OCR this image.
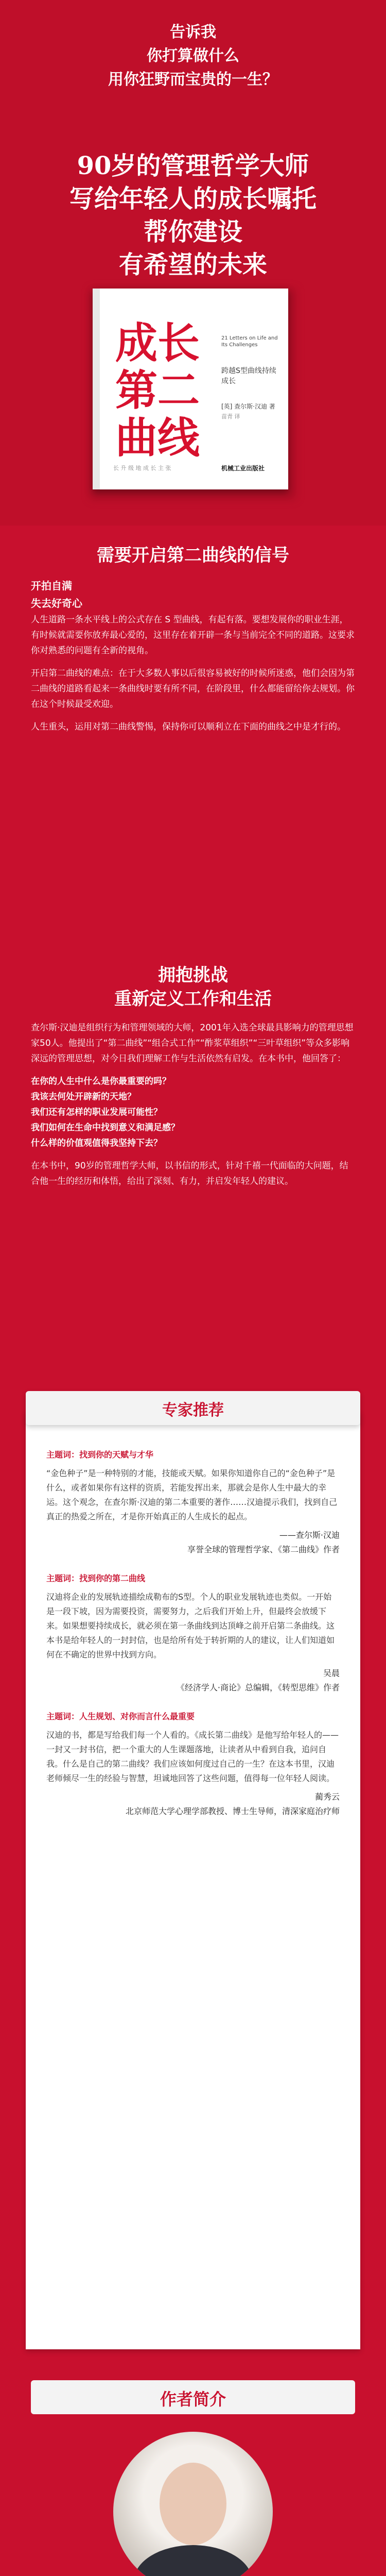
告诉我
你打算做什么
用你狂野而宝贵的一生？
90岁的管理哲学大师
写给年轻人的成长嘱托
帮你建设
有希望的未来
成长
第二
曲线
21 Letters on Life and Its Challenges
跨越S型曲线持续成长
[英] 查尔斯·汉迪 著
苗青 译
长 升 级 地 成 长 主 张	机械工业出版社
需要开启第二曲线的信号
开拍自满
失去好奇心

人生道路一条水平线上的公式存在 S 型曲线，有起有落。要想发展你的职业生涯，有时候就需要你放弃最心爱的，这里存在着开辟一条与当前完全不同的道路。这要求你对熟悉的问题有全新的视角。

开启第二曲线的难点：在于大多数人事以后很容易被好的时候所迷惑，他们会因为第二曲线的道路看起来一条曲线时要有所不同，在阶段里，什么都能留给你去规划。你在这个时候最受欢迎。

人生重头，运用对第二曲线警惕，保持你可以顺利立在下面的曲线之中是才行的。

拥抱挑战
重新定义工作和生活

查尔斯·汉迪是组织行为和管理领域的大师，2001年入选全球最具影响力的管理思想家50人。他提出了“第二曲线”“组合式工作”“酢浆草组织”“三叶草组织”等众多影响深远的管理思想，对今日我们理解工作与生活依然有启发。在本书中，他回答了：

在你的人生中什么是你最重要的吗？
我该去何处开辟新的天地？
我们还有怎样的职业发展可能性？
我们如何在生命中找到意义和满足感？
什么样的价值观值得我坚持下去？

在本书中，90岁的管理哲学大师，以书信的形式，针对千禧一代面临的大问题，结合他一生的经历和体悟，给出了深刻、有力，并启发年轻人的建议。

主题词：找到你的天赋与才华

“金色种子”是一种特别的才能，技能或天赋。如果你知道你自己的“金色种子”是什么，或者如果你有这样的资质，若能发挥出来，那就会是你人生中最大的幸运。这个观念，在查尔斯·汉迪的第二本重要的著作……汉迪提示我们，找到自己真正的热爱之所在，才是你开始真正的人生成长的起点。

——查尔斯·汉迪
享誉全球的管理哲学家、《第二曲线》作者

主题词：找到你的第二曲线

汉迪将企业的发展轨迹描绘成勒布的S型。个人的职业发展轨迹也类似。一开始是一段下坡，因为需要投资，需要努力，之后我们开始上升，但最终会放缓下来。如果想要持续成长，就必须在第一条曲线到达顶峰之前开启第二条曲线。这本书是给年轻人的一封封信，也是给所有处于转折期的人的建议，让人们知道如何在不确定的世界中找到方向。

吴晨
《经济学人·商论》总编辑，《转型思维》作者

主题词：人生规划、对你而言什么最重要

汉迪的书，都是写给我们每一个人看的。《成长第二曲线》是他写给年轻人的——一封又一封书信，把一个重大的人生课题落地，让读者从中看到自我，追问自我。什么是自己的第二曲线？我们应该如何度过自己的一生？在这本书里，汉迪老师倾尽一生的经验与智慧，坦诚地回答了这些问题，值得每一位年轻人阅读。

蔺秀云
北京师范大学心理学部教授、博士生导师，清深家庭治疗师

专家推荐
作者简介
